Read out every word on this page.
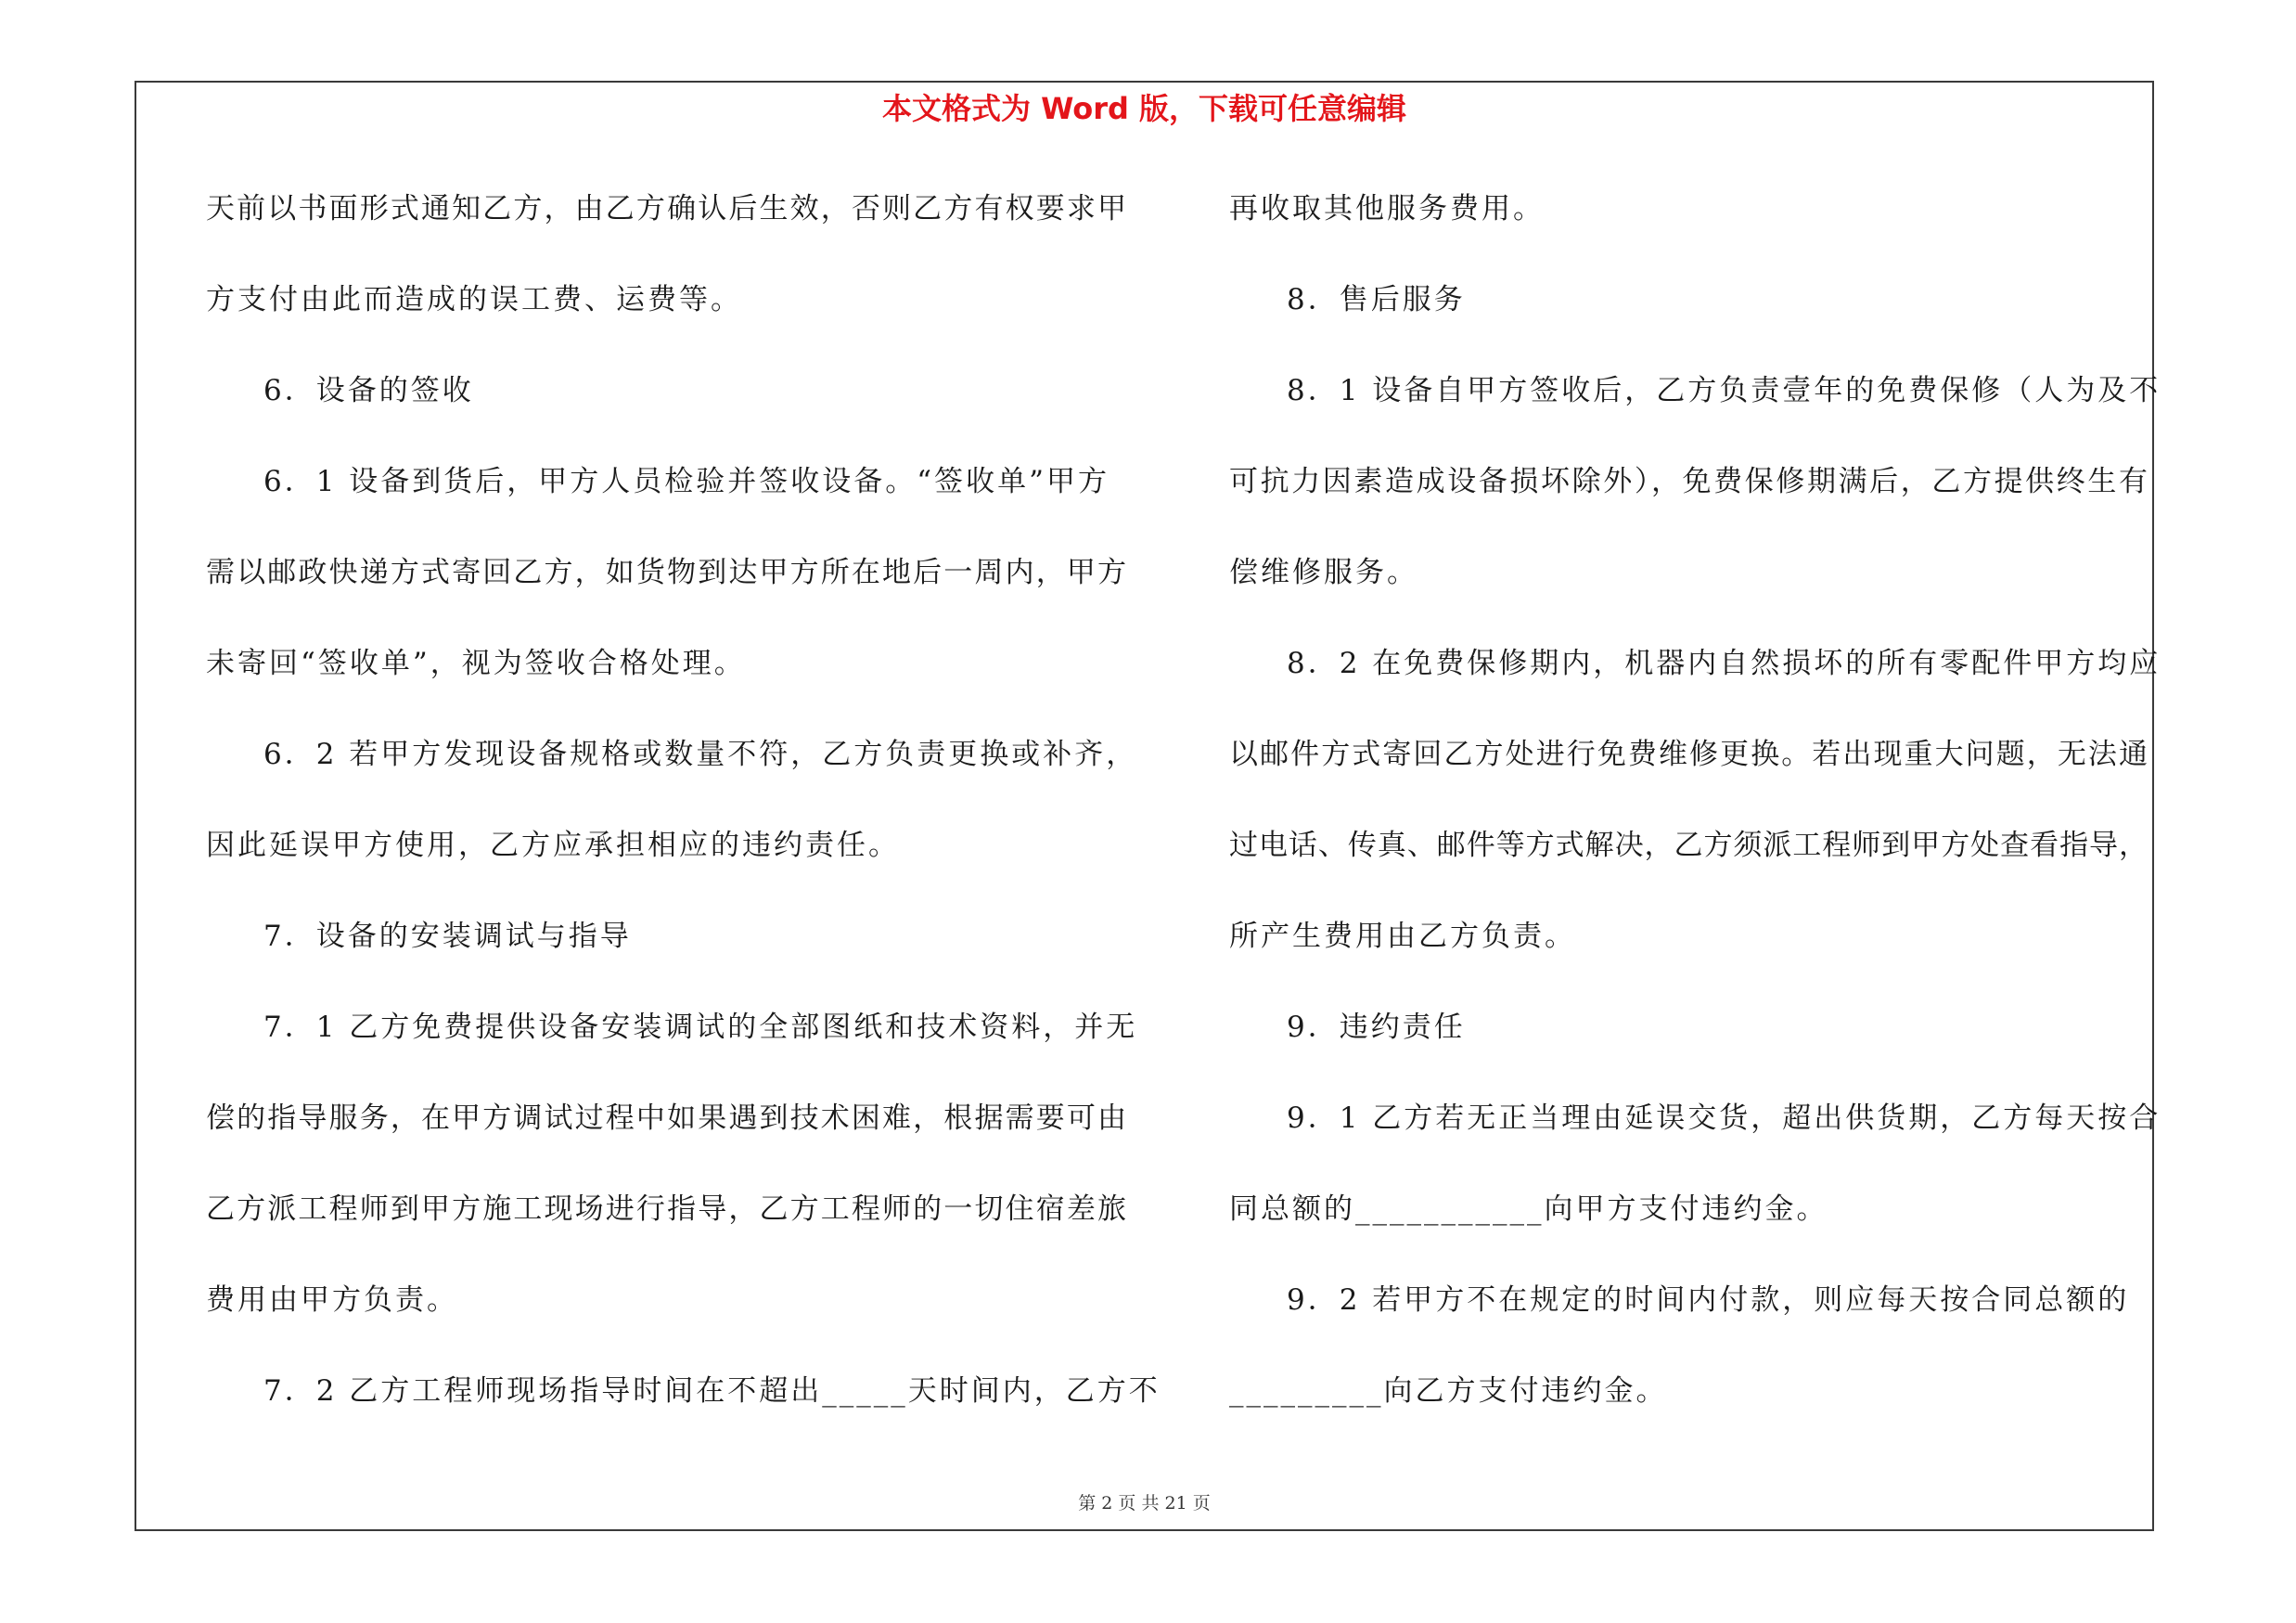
本文格式为 Word 版，下载可任意编辑
天前以书面形式通知乙方，由乙方确认后生效，否则乙方有权要求甲
方支付由此而造成的误工费、运费等。
6．设备的签收
6．1 设备到货后，甲方人员检验并签收设备。“签收单”甲方
需以邮政快递方式寄回乙方，如货物到达甲方所在地后一周内，甲方
未寄回“签收单”，视为签收合格处理。
6．2 若甲方发现设备规格或数量不符，乙方负责更换或补齐，
因此延误甲方使用，乙方应承担相应的违约责任。
7．设备的安装调试与指导
7．1 乙方免费提供设备安装调试的全部图纸和技术资料，并无
偿的指导服务，在甲方调试过程中如果遇到技术困难，根据需要可由
乙方派工程师到甲方施工现场进行指导，乙方工程师的一切住宿差旅
费用由甲方负责。
7．2 乙方工程师现场指导时间在不超出_____天时间内，乙方不
再收取其他服务费用。
8．售后服务
8．1 设备自甲方签收后，乙方负责壹年的免费保修（人为及不
可抗力因素造成设备损坏除外），免费保修期满后，乙方提供终生有
偿维修服务。
8．2 在免费保修期内，机器内自然损坏的所有零配件甲方均应
以邮件方式寄回乙方处进行免费维修更换。若出现重大问题，无法通
过电话、传真、邮件等方式解决，乙方须派工程师到甲方处查看指导，
所产生费用由乙方负责。
9．违约责任
9．1 乙方若无正当理由延误交货，超出供货期，乙方每天按合
同总额的___________向甲方支付违约金。
9．2 若甲方不在规定的时间内付款，则应每天按合同总额的
_________向乙方支付违约金。
第 2 页 共 21 页
